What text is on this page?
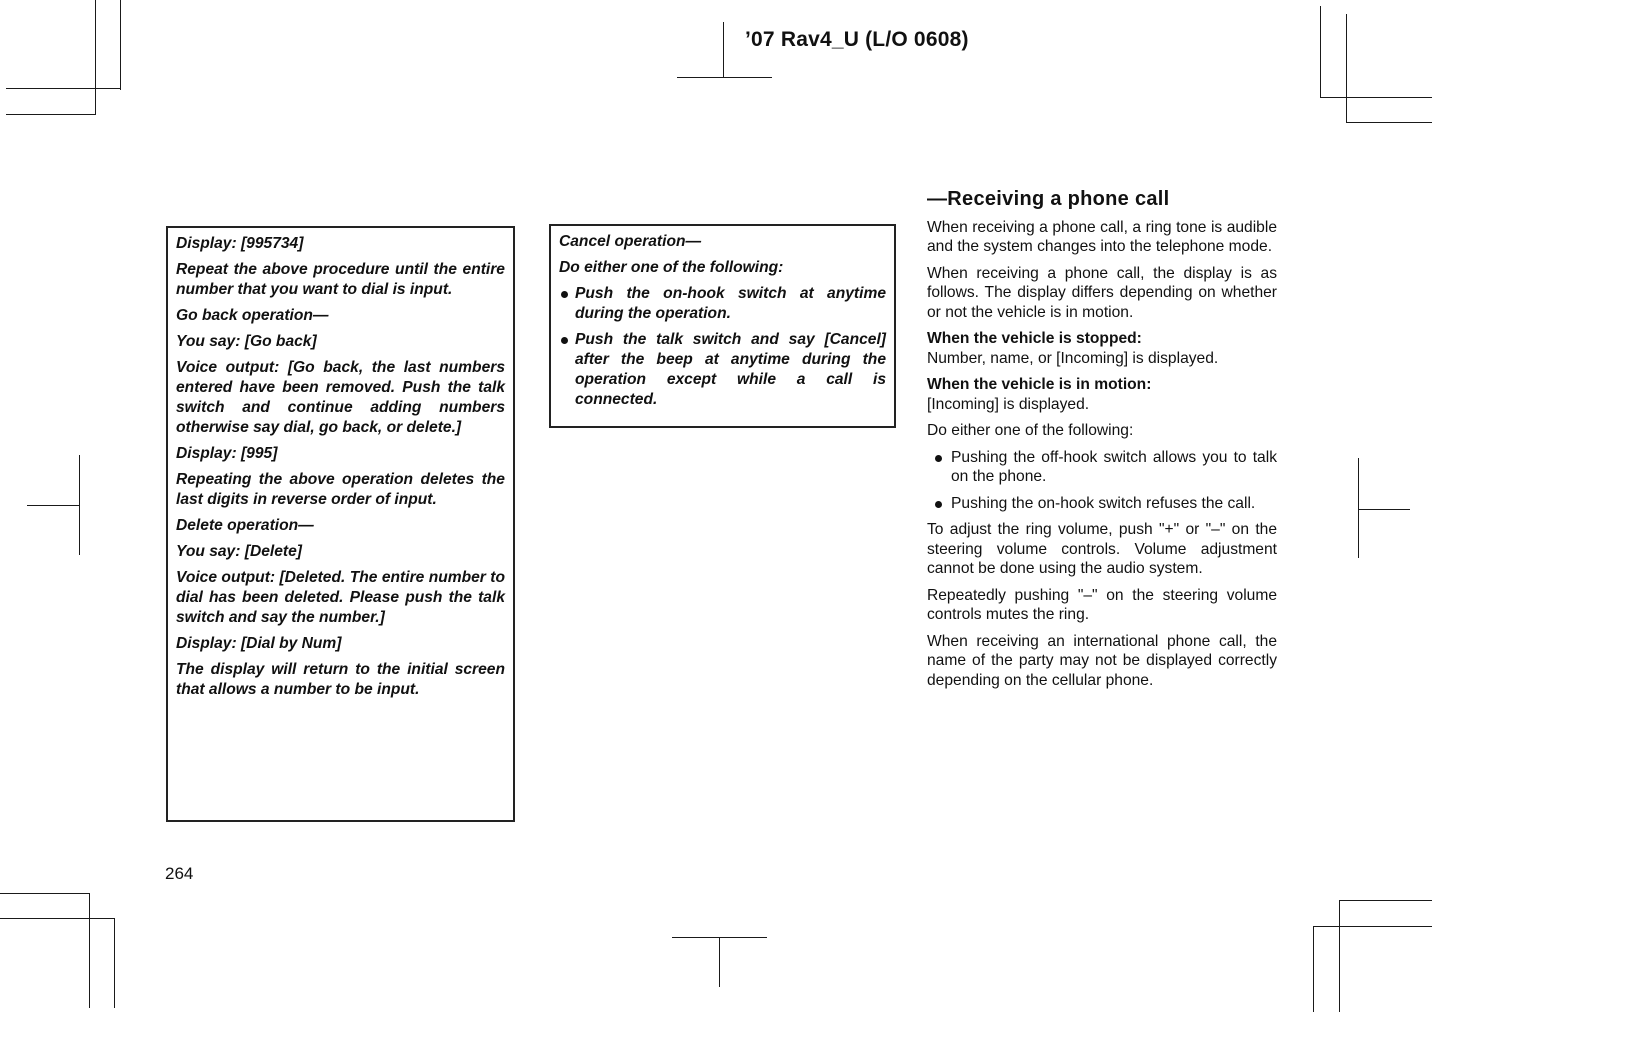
’07 Rav4_U (L/O 0608)

Display: [995734]

Repeat the above procedure until the entire number that you want to dial is input.

Go back operation—

You say: [Go back]

Voice output: [Go back, the last numbers entered have been removed. Push the talk switch and continue adding numbers otherwise say dial, go back, or delete.]

Display: [995]

Repeating the above operation deletes the last digits in reverse order of input.

Delete operation—

You say: [Delete]

Voice output: [Deleted. The entire number to dial has been deleted. Please push the talk switch and say the number.]

Display: [Dial by Num]

The display will return to the initial screen that allows a number to be input.

Cancel operation—

Do either one of the following:

Push the on-hook switch at anytime during the operation.
Push the talk switch and say [Cancel] after the beep at anytime during the operation except while a call is connected.
—Receiving a phone call

When receiving a phone call, a ring tone is audible and the system changes into the telephone mode.

When receiving a phone call, the display is as follows. The display differs depending on whether or not the vehicle is in motion.

When the vehicle is stopped:

Number, name, or [Incoming] is displayed.

When the vehicle is in motion:

[Incoming] is displayed.

Do either one of the following:

Pushing the off-hook switch allows you to talk on the phone.
Pushing the on-hook switch refuses the call.

To adjust the ring volume, push "+" or "–" on the steering volume controls. Volume adjustment cannot be done using the audio system.

Repeatedly pushing "–" on the steering volume controls mutes the ring.

When receiving an international phone call, the name of the party may not be displayed correctly depending on the cellular phone.

264
